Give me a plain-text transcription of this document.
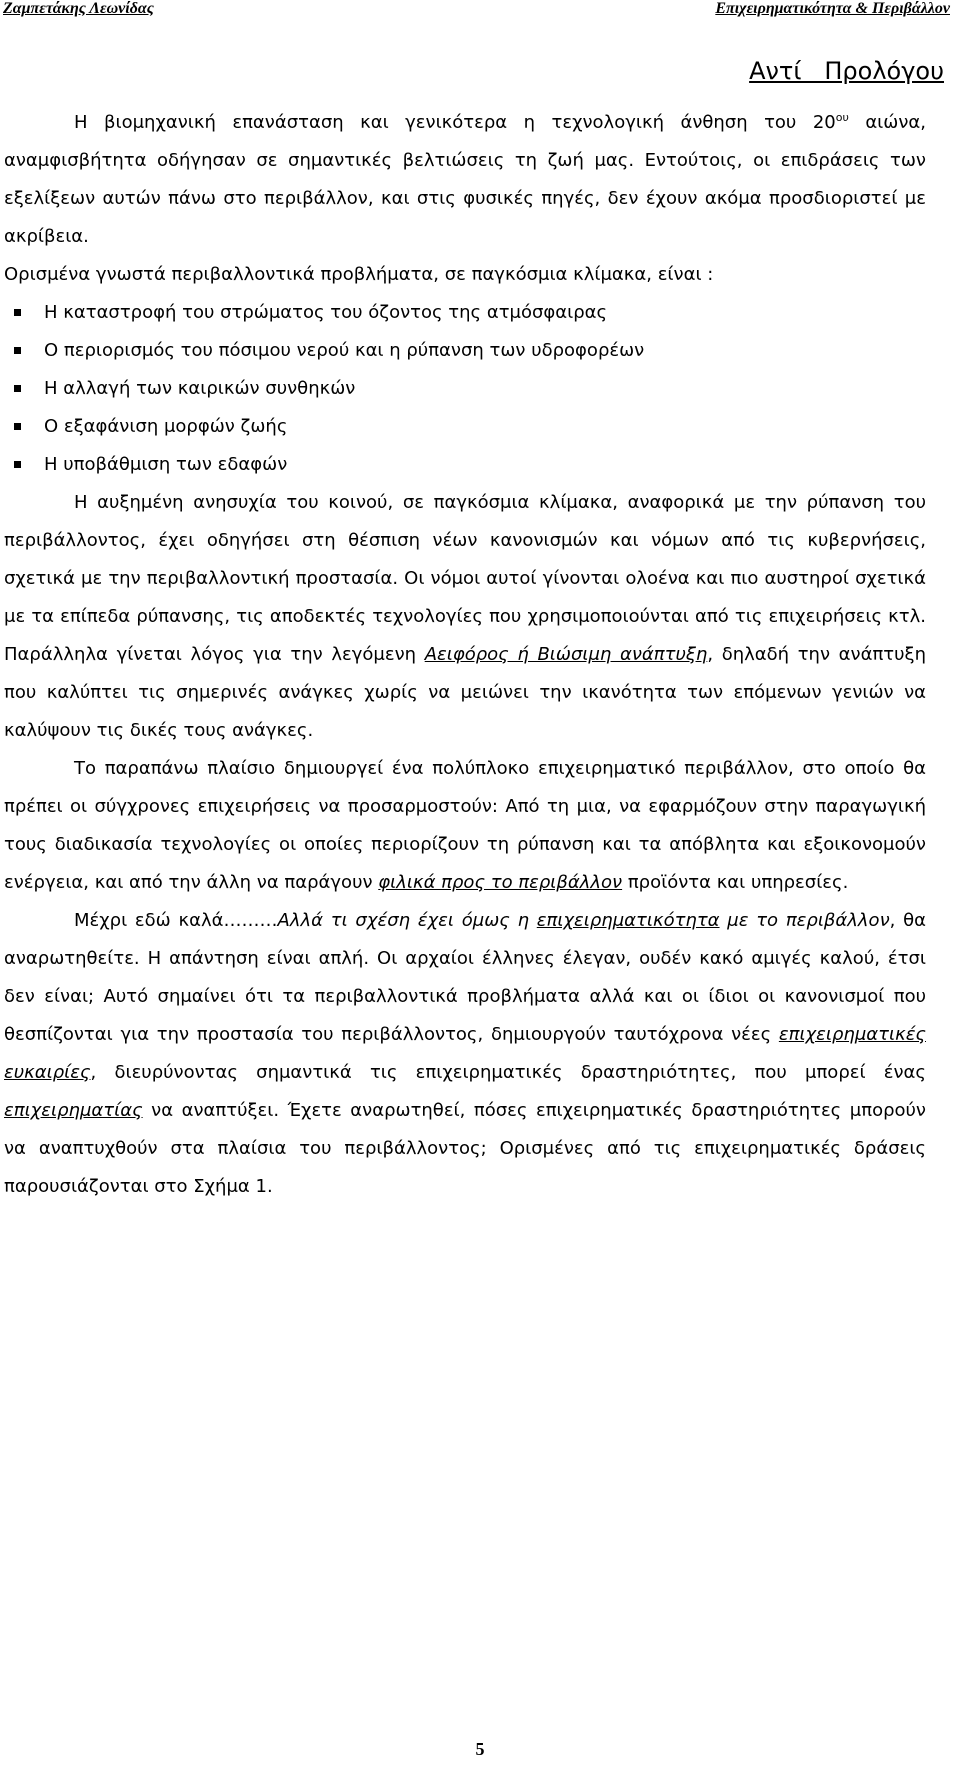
Ζαμπετάκης Λεωνίδας	Επιχειρηματικότητα & Περιβάλλον
Αντί   Προλόγου

Η βιομηχανική επανάσταση και γενικότερα η τεχνολογική άνθηση του $20^{o\upsilon}$ αιώνα, αναμφισβήτητα οδήγησαν σε σημαντικές βελτιώσεις τη ζωή μας. Εντούτοις, οι επιδράσεις των εξελίξεων αυτών πάνω στο περιβάλλον, και στις φυσικές πηγές, δεν έχουν ακόμα προσδιοριστεί με ακρίβεια.

Ορισμένα γνωστά περιβαλλοντικά προβλήματα, σε παγκόσμια κλίμακα, είναι :

Η καταστροφή του στρώματος του όζοντος της ατμόσφαιρας
Ο περιορισμός του πόσιμου νερού και η ρύπανση των υδροφορέων
Η αλλαγή των καιρικών συνθηκών
Ο εξαφάνιση μορφών ζωής
Η υποβάθμιση των εδαφών

Η αυξημένη ανησυχία του κοινού, σε παγκόσμια κλίμακα, αναφορικά με την ρύπανση του περιβάλλοντος, έχει οδηγήσει στη θέσπιση νέων κανονισμών και νόμων από τις κυβερνήσεις, σχετικά με την περιβαλλοντική προστασία. Οι νόμοι αυτοί γίνονται ολοένα και πιο αυστηροί σχετικά με τα επίπεδα ρύπανσης, τις αποδεκτές τεχνολογίες που χρησιμοποιούνται από τις επιχειρήσεις κτλ. Παράλληλα γίνεται λόγος για την λεγόμενη Αειφόρος ή Βιώσιμη ανάπτυξη, δηλαδή την ανάπτυξη που καλύπτει τις σημερινές ανάγκες χωρίς να μειώνει την ικανότητα των επόμενων γενιών να καλύψουν τις δικές τους ανάγκες.

Το παραπάνω πλαίσιο δημιουργεί ένα πολύπλοκο επιχειρηματικό περιβάλλον, στο οποίο θα πρέπει οι σύγχρονες επιχειρήσεις να προσαρμοστούν: Από τη μια, να εφαρμόζουν στην παραγωγική τους διαδικασία τεχνολογίες οι οποίες περιορίζουν τη ρύπανση και τα απόβλητα και εξοικονομούν ενέργεια, και από την άλλη να παράγουν φιλικά προς το περιβάλλον προϊόντα και υπηρεσίες.

Μέχρι εδώ καλά………Αλλά τι σχέση έχει όμως η επιχειρηματικότητα με το περιβάλλον, θα αναρωτηθείτε. Η απάντηση είναι απλή. Οι αρχαίοι έλληνες έλεγαν, ουδέν κακό αμιγές καλού, έτσι δεν είναι; Αυτό σημαίνει ότι τα περιβαλλοντικά προβλήματα αλλά και οι ίδιοι οι κανονισμοί που θεσπίζονται για την προστασία του περιβάλλοντος, δημιουργούν ταυτόχρονα νέες επιχειρηματικές ευκαιρίες, διευρύνοντας σημαντικά τις επιχειρηματικές δραστηριότητες, που μπορεί ένας επιχειρηματίας να αναπτύξει. Έχετε αναρωτηθεί, πόσες επιχειρηματικές δραστηριότητες μπορούν να αναπτυχθούν στα πλαίσια του περιβάλλοντος; Ορισμένες από τις επιχειρηματικές δράσεις παρουσιάζονται στο Σχήμα 1.

5
